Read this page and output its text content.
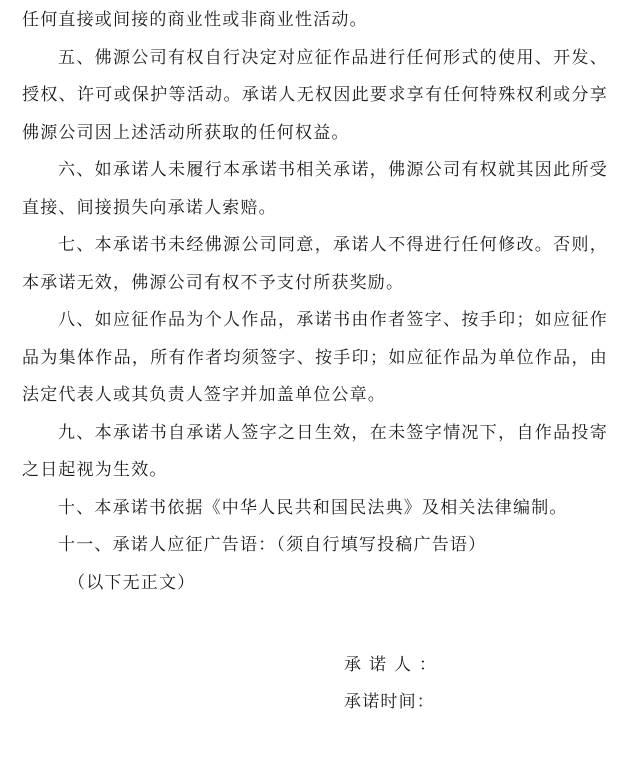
任何直接或间接的商业性或非商业性活动。

五、佛源公司有权自行决定对应征作品进行任何形式的使用、开发、授权、许可或保护等活动。承诺人无权因此要求享有任何特殊权利或分享佛源公司因上述活动所获取的任何权益。

六、如承诺人未履行本承诺书相关承诺，佛源公司有权就其因此所受直接、间接损失向承诺人索赔。

七、本承诺书未经佛源公司同意，承诺人不得进行任何修改。否则，本承诺无效，佛源公司有权不予支付所获奖励。

八、如应征作品为个人作品，承诺书由作者签字、按手印；如应征作品为集体作品，所有作者均须签字、按手印；如应征作品为单位作品，由法定代表人或其负责人签字并加盖单位公章。

九、本承诺书自承诺人签字之日生效，在未签字情况下，自作品投寄之日起视为生效。

十、本承诺书依据《中华人民共和国民法典》及相关法律编制。

十一、承诺人应征广告语：（须自行填写投稿广告语）

（以下无正文）

承诺人：

承诺时间：
